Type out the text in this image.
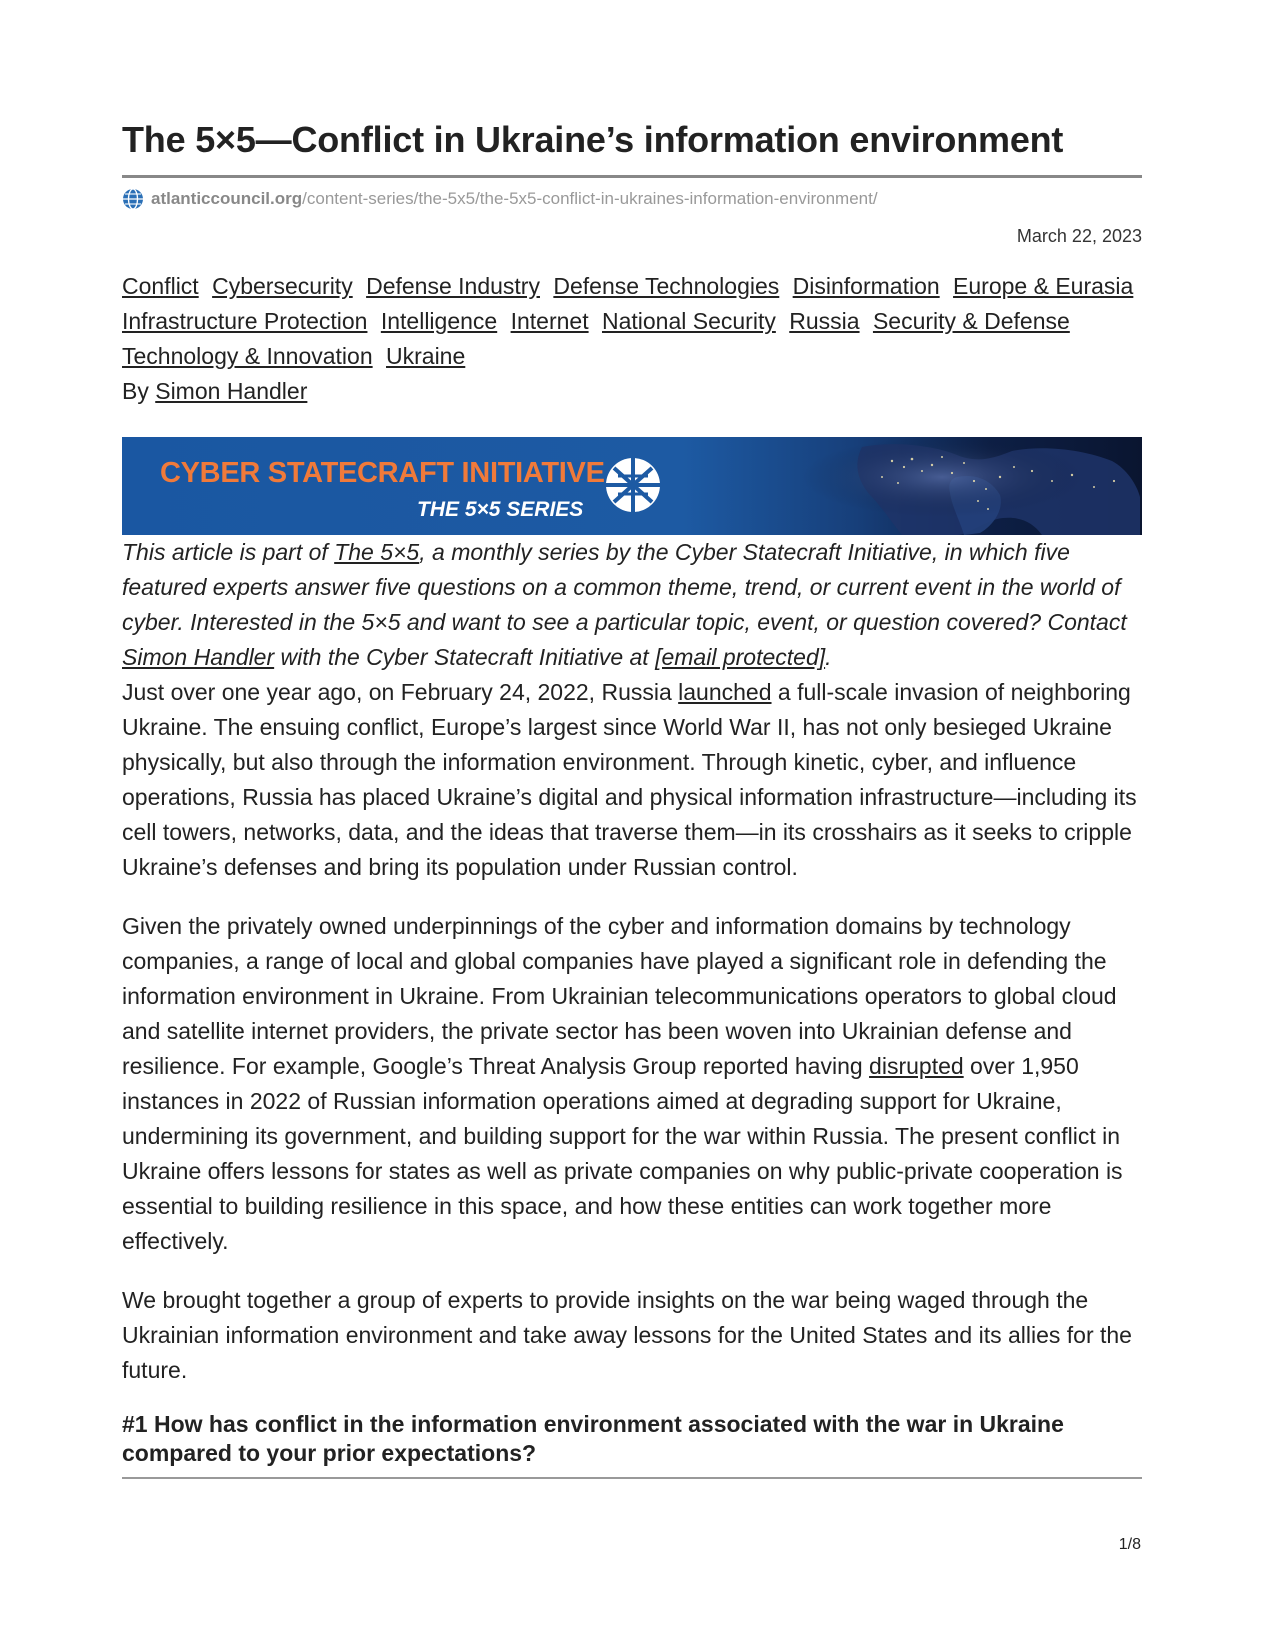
The 5×5—Conflict in Ukraine’s information environment
atlanticcouncil.org /content-series/the-5x5/the-5x5-conflict-in-ukraines-information-environment/
March 22, 2023
Conflict Cybersecurity Defense Industry Defense Technologies Disinformation Europe & Eurasia Infrastructure Protection Intelligence Internet National Security Russia Security & Defense Technology & Innovation Ukraine
By Simon Handler
CYBER STATECRAFT INITIATIVE
THE 5×5 SERIES

This article is part of The 5×5, a monthly series by the Cyber Statecraft Initiative, in which five featured experts answer five questions on a common theme, trend, or current event in the world of cyber. Interested in the 5×5 and want to see a particular topic, event, or question covered? Contact Simon Handler with the Cyber Statecraft Initiative at [email protected].

Just over one year ago, on February 24, 2022, Russia launched a full-scale invasion of neighboring Ukraine. The ensuing conflict, Europe’s largest since World War II, has not only besieged Ukraine physically, but also through the information environment. Through kinetic, cyber, and influence operations, Russia has placed Ukraine’s digital and physical information infrastructure—including its cell towers, networks, data, and the ideas that traverse them—in its crosshairs as it seeks to cripple Ukraine’s defenses and bring its population under Russian control.

Given the privately owned underpinnings of the cyber and information domains by technology companies, a range of local and global companies have played a significant role in defending the information environment in Ukraine. From Ukrainian telecommunications operators to global cloud and satellite internet providers, the private sector has been woven into Ukrainian defense and resilience. For example, Google’s Threat Analysis Group reported having disrupted over 1,950 instances in 2022 of Russian information operations aimed at degrading support for Ukraine, undermining its government, and building support for the war within Russia. The present conflict in Ukraine offers lessons for states as well as private companies on why public-private cooperation is essential to building resilience in this space, and how these entities can work together more effectively.

We brought together a group of experts to provide insights on the war being waged through the Ukrainian information environment and take away lessons for the United States and its allies for the future.

#1 How has conflict in the information environment associated with the war in Ukraine compared to your prior expectations?
1/8
